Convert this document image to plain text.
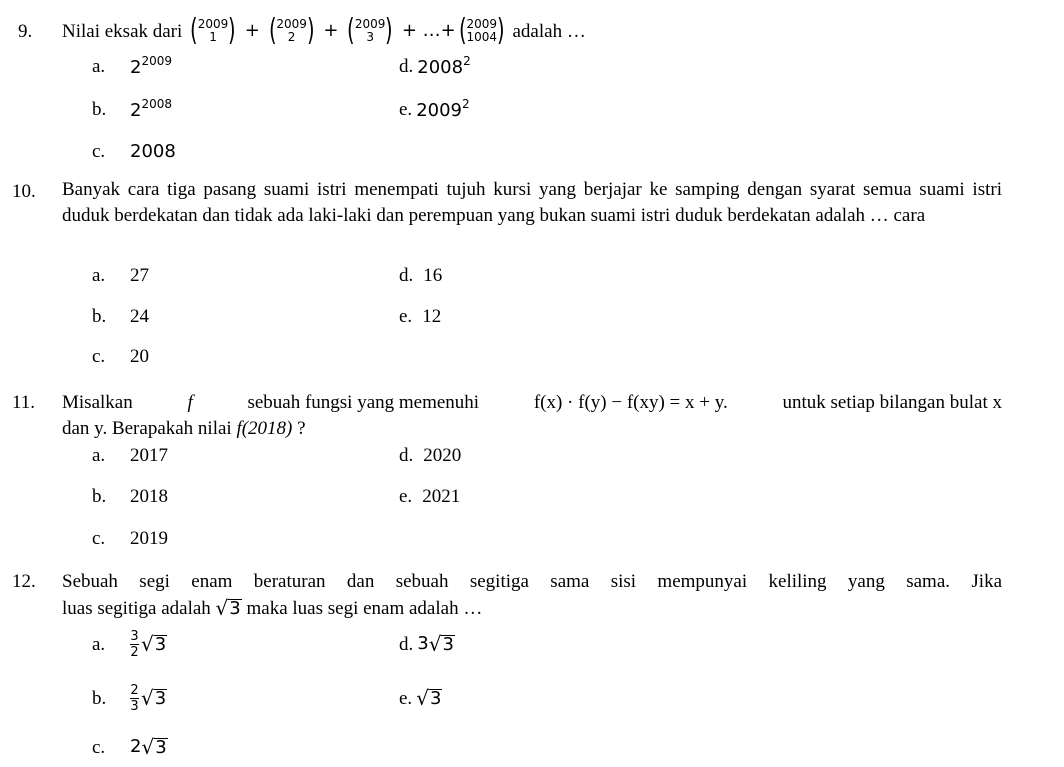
9. Nilai eksak dari
( 2009
1 )
+
( 2009
2 )
+
( 2009
3 )
+ …+ ( 2009
1004 )
adalah …
a.	$2^{2009}$
b.	$2^{2008}$
c.	2008
d. 2008$^2$
e. 2009$^2$
10. Banyak cara tiga pasang suami istri menempati tujuh kursi yang berjajar ke samping dengan syarat semua suami istri duduk berdekatan dan tidak ada laki-laki dan perempuan yang bukan suami istri duduk berdekatan adalah … cara
a.	27
b.	24
c.	20
d. 16
e. 12
11. Misalkan	f	sebuah fungsi yang memenuhi	f(x) · f(y) − f(xy) = x + y.	untuk setiap bilangan bulat x
dan y. Berapakah nilai f(2018) ?
a.	2017
b.	2018
c.	2019
d. 2020
e. 2021
12. Sebuah segi enam beraturan dan sebuah segitiga sama sisi mempunyai keliling yang sama. Jika
luas segitiga adalah
√ 3
maka luas segi enam adalah …
a.	$\frac{3}{2}$ √ 3
b.	$\frac{2}{3}$ √ 3
c.	2 √ 3
d. 3 √ 3
e. √ 3
